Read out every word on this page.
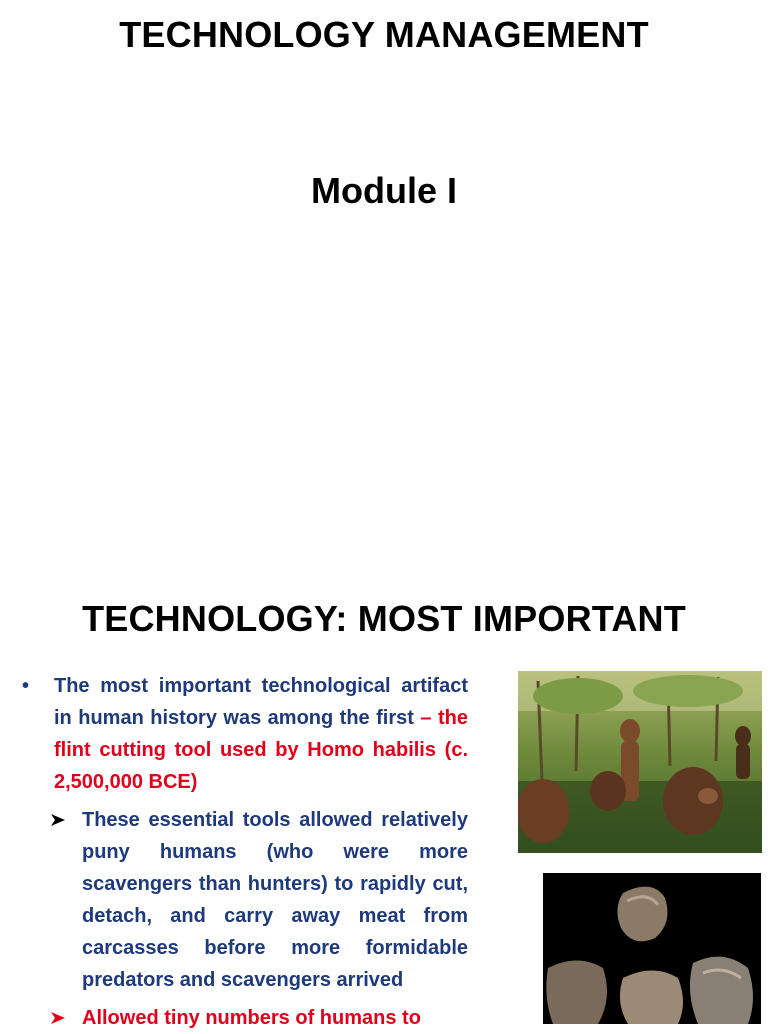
TECHNOLOGY MANAGEMENT
Module I
TECHNOLOGY: MOST IMPORTANT
•	The most important technological artifact in human history was among the first – the flint cutting tool used by Homo habilis (c. 2,500,000 BCE)
These essential tools allowed relatively puny humans (who were more scavengers than hunters) to rapidly cut, detach, and carry away meat from carcasses before more formidable predators and scavengers arrived
Allowed tiny numbers of humans to
